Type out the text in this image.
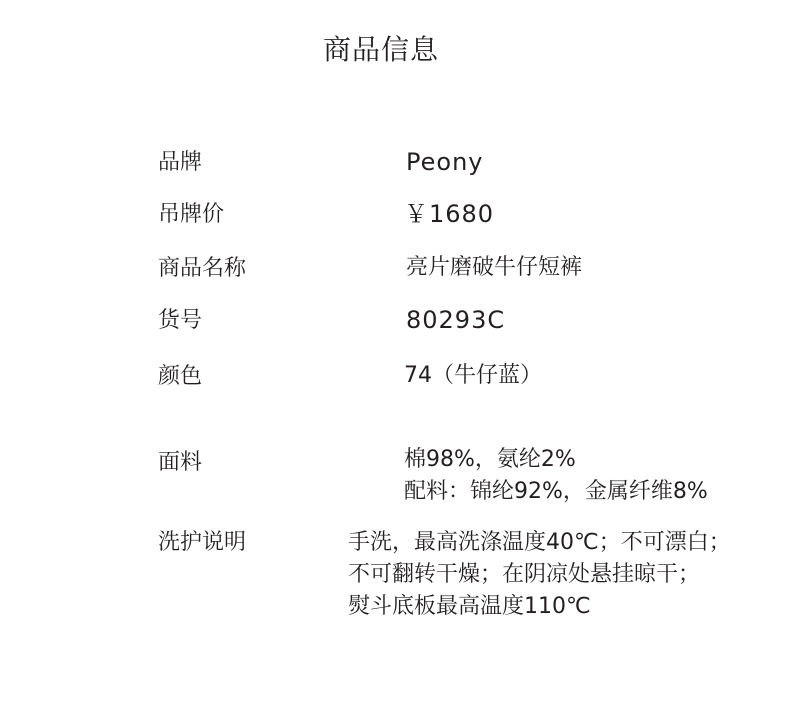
商品信息
品牌	Peony
吊牌价	￥1680
商品名称	亮片磨破牛仔短裤
货号	80293C
颜色	74（牛仔蓝）
面料	棉98%，氨纶2%
配料：锦纶92%，金属纤维8%
洗护说明	手洗，最高洗涤温度40℃；不可漂白；
不可翻转干燥；在阴凉处悬挂晾干；
熨斗底板最高温度110℃
